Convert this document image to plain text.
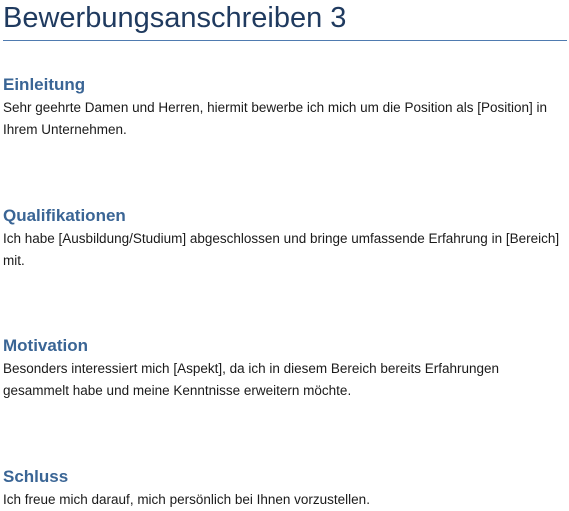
Bewerbungsanschreiben 3
Einleitung

Sehr geehrte Damen und Herren, hiermit bewerbe ich mich um die Position als [Position] in Ihrem Unternehmen.

Qualifikationen

Ich habe [Ausbildung/Studium] abgeschlossen und bringe umfassende Erfahrung in [Bereich] mit.

Motivation

Besonders interessiert mich [Aspekt], da ich in diesem Bereich bereits Erfahrungen gesammelt habe und meine Kenntnisse erweitern möchte.

Schluss

Ich freue mich darauf, mich persönlich bei Ihnen vorzustellen.
